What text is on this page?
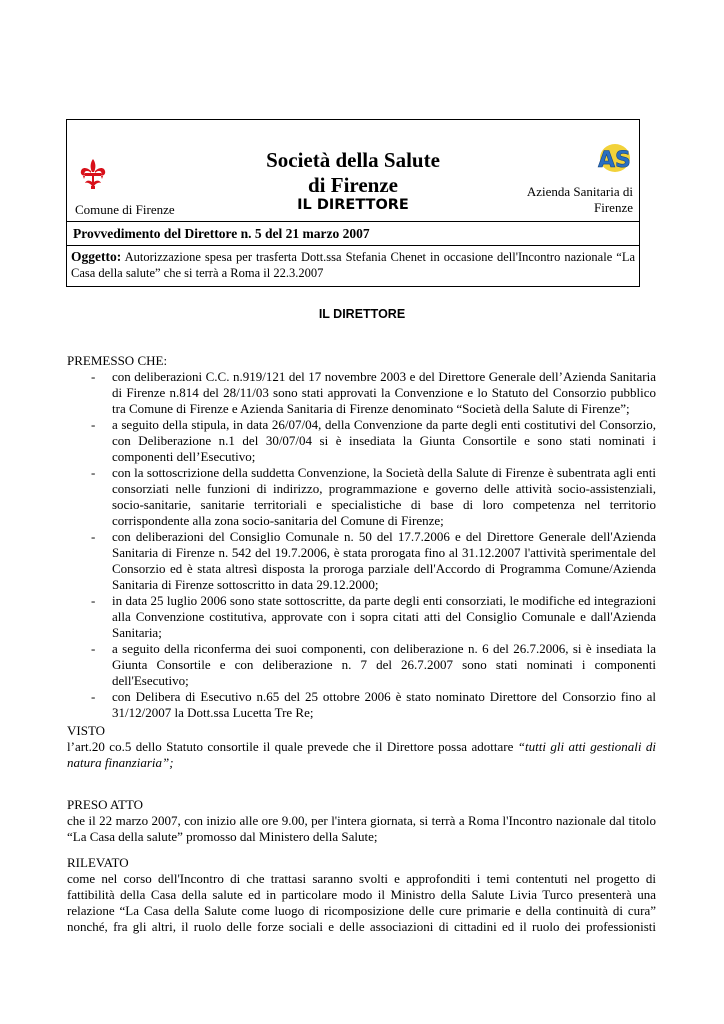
Comune di Firenze
Società della Salute
di Firenze
IL DIRETTORE
AS
Azienda Sanitaria di
Firenze
Provvedimento del Direttore n. 5 del 21 marzo 2007
Oggetto: Autorizzazione spesa per trasferta Dott.ssa Stefania Chenet in occasione dell'Incontro nazionale “La Casa della salute” che si terrà a Roma il 22.3.2007
IL DIRETTORE
PREMESSO CHE:
- con deliberazioni C.C. n.919/121 del 17 novembre 2003 e del Direttore Generale dell’Azienda Sanitaria di Firenze n.814 del 28/11/03 sono stati approvati la Convenzione e lo Statuto del Consorzio pubblico tra Comune di Firenze e Azienda Sanitaria di Firenze denominato “Società della Salute di Firenze”;
- a seguito della stipula, in data 26/07/04, della Convenzione da parte degli enti costitutivi del Consorzio, con Deliberazione n.1 del 30/07/04 si è insediata la Giunta Consortile e sono stati nominati i componenti dell’Esecutivo;
- con la sottoscrizione della suddetta Convenzione, la Società della Salute di Firenze è subentrata agli enti consorziati nelle funzioni di indirizzo, programmazione e governo delle attività socio-assistenziali, socio-sanitarie, sanitarie territoriali e specialistiche di base di loro competenza nel territorio corrispondente alla zona socio-sanitaria del Comune di Firenze;
- con deliberazioni del Consiglio Comunale n. 50 del 17.7.2006 e del Direttore Generale dell'Azienda Sanitaria di Firenze n. 542 del 19.7.2006, è stata prorogata fino al 31.12.2007 l'attività sperimentale del Consorzio ed è stata altresì disposta la proroga parziale dell'Accordo di Programma Comune/Azienda Sanitaria di Firenze sottoscritto in data 29.12.2000;
- in data 25 luglio 2006 sono state sottoscritte, da parte degli enti consorziati, le modifiche ed integrazioni alla Convenzione costitutiva, approvate con i sopra citati atti del Consiglio Comunale e dall'Azienda Sanitaria;
- a seguito della riconferma dei suoi componenti, con deliberazione n. 6 del 26.7.2006, si è insediata la Giunta Consortile e con deliberazione n. 7 del 26.7.2007 sono stati nominati i componenti dell'Esecutivo;
- con Delibera di Esecutivo n.65 del 25 ottobre 2006 è stato nominato Direttore del Consorzio fino al 31/12/2007 la Dott.ssa Lucetta Tre Re;
VISTO
l’art.20 co.5 dello Statuto consortile il quale prevede che il Direttore possa adottare “tutti gli atti gestionali di natura finanziaria”;
PRESO ATTO
che il 22 marzo 2007, con inizio alle ore 9.00, per l'intera giornata, si terrà a Roma l'Incontro nazionale dal titolo “La Casa della salute” promosso dal Ministero della Salute;
RILEVATO
come nel corso dell'Incontro di che trattasi saranno svolti e approfonditi i temi contentuti nel progetto di
fattibilità della Casa della salute ed in particolare modo il Ministro della Salute Livia Turco presenterà una
relazione “La Casa della Salute come luogo di ricomposizione delle cure primarie e della continuità di cura”
nonché, fra gli altri, il ruolo delle forze sociali e delle associazioni di cittadini ed il ruolo dei professionisti
